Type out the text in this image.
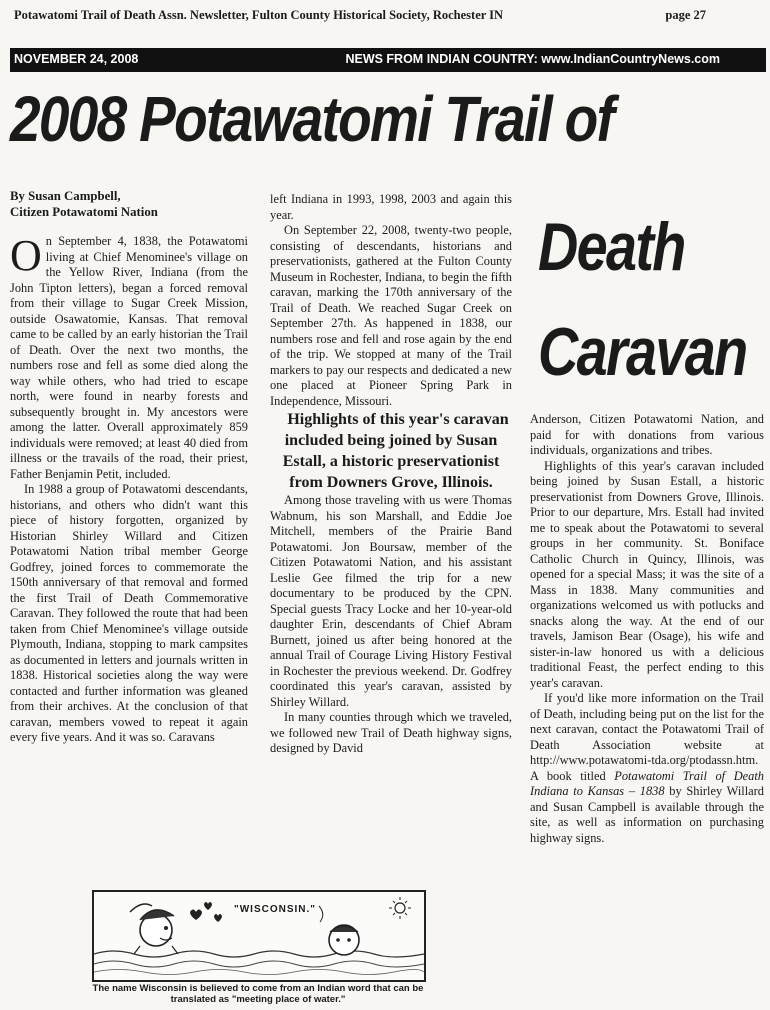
Potawatomi Trail of Death Assn. Newsletter, Fulton County Historical Society, Rochester IN	page 27
NOVEMBER 24, 2008	NEWS FROM INDIAN COUNTRY: www.IndianCountryNews.com
2008 Potawatomi Trail of
Death
Caravan
By Susan Campbell,
Citizen Potawatomi Nation

On September 4, 1838, the Potawatomi living at Chief Menominee's village on the Yellow River, Indiana (from the John Tipton letters), began a forced removal from their village to Sugar Creek Mission, outside Osawatomie, Kansas. That removal came to be called by an early historian the Trail of Death. Over the next two months, the numbers rose and fell as some died along the way while others, who had tried to escape north, were found in nearby forests and subsequently brought in. My ancestors were among the latter. Overall approximately 859 individuals were removed; at least 40 died from illness or the travails of the road, their priest, Father Benjamin Petit, included.

In 1988 a group of Potawatomi descendants, historians, and others who didn't want this piece of history forgotten, organized by Historian Shirley Willard and Citizen Potawatomi Nation tribal member George Godfrey, joined forces to commemorate the 150th anniversary of that removal and formed the first Trail of Death Commemorative Caravan. They followed the route that had been taken from Chief Menominee's village outside Plymouth, Indiana, stopping to mark campsites as documented in letters and journals written in 1838. Historical societies along the way were contacted and further information was gleaned from their archives. At the conclusion of that caravan, members vowed to repeat it again every five years. And it was so. Caravans

left Indiana in 1993, 1998, 2003 and again this year.

On September 22, 2008, twenty-two people, consisting of descendants, historians and preservationists, gathered at the Fulton County Museum in Rochester, Indiana, to begin the fifth caravan, marking the 170th anniversary of the Trail of Death. We reached Sugar Creek on September 27th. As happened in 1838, our numbers rose and fell and rose again by the end of the trip. We stopped at many of the Trail markers to pay our respects and dedicated a new one placed at Pioneer Spring Park in Independence, Missouri.

Highlights of this year's caravan included being joined by Susan Estall, a historic preservationist from Downers Grove, Illinois.

Among those traveling with us were Thomas Wabnum, his son Marshall, and Eddie Joe Mitchell, members of the Prairie Band Potawatomi. Jon Boursaw, member of the Citizen Potawatomi Nation, and his assistant Leslie Gee filmed the trip for a new documentary to be produced by the CPN. Special guests Tracy Locke and her 10-year-old daughter Erin, descendants of Chief Abram Burnett, joined us after being honored at the annual Trail of Courage Living History Festival in Rochester the previous weekend. Dr. Godfrey coordinated this year's caravan, assisted by Shirley Willard.

In many counties through which we traveled, we followed new Trail of Death highway signs, designed by David

Anderson, Citizen Potawatomi Nation, and paid for with donations from various individuals, organizations and tribes.

Highlights of this year's caravan included being joined by Susan Estall, a historic preservationist from Downers Grove, Illinois. Prior to our departure, Mrs. Estall had invited me to speak about the Potawatomi to several groups in her community. St. Boniface Catholic Church in Quincy, Illinois, was opened for a special Mass; it was the site of a Mass in 1838. Many communities and organizations welcomed us with potlucks and snacks along the way. At the end of our travels, Jamison Bear (Osage), his wife and sister-in-law honored us with a delicious traditional Feast, the perfect ending to this year's caravan.

If you'd like more information on the Trail of Death, including being put on the list for the next caravan, contact the Potawatomi Trail of Death Association website at http://www.potawatomi-tda.org/ptodassn.htm. A book titled Potawatomi Trail of Death Indiana to Kansas – 1838 by Shirley Willard and Susan Campbell is available through the site, as well as information on purchasing highway signs.

"WISCONSIN."
The name Wisconsin is believed to come from an Indian word that can be translated as "meeting place of water."
